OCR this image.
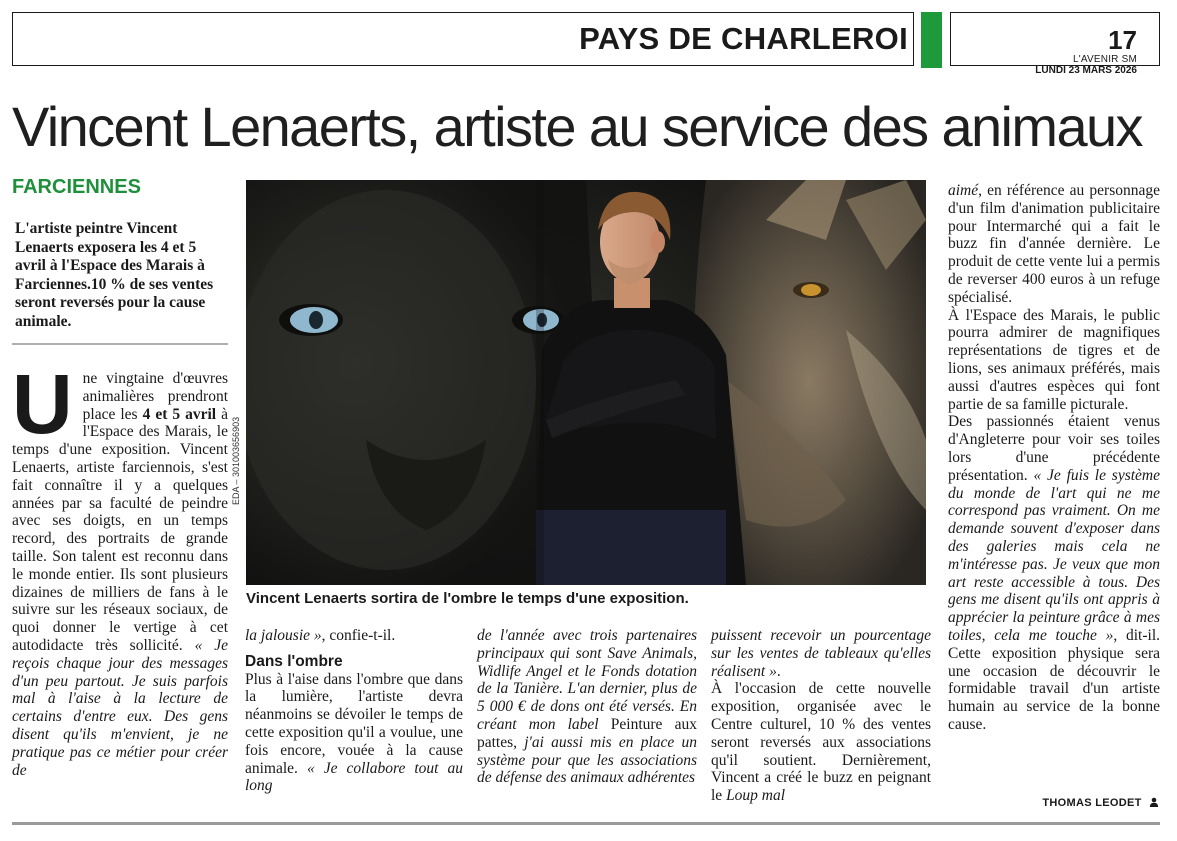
PAYS DE CHARLEROI	17
L'AVENIR SM
LUNDI 23 MARS 2026
Vincent Lenaerts, artiste au service des animaux
FARCIENNES
L'artiste peintre Vincent Lenaerts exposera les 4 et 5 avril à l'Espace des Marais à Farciennes.10 % de ses ventes seront reversés pour la cause animale.

Une vingtaine d'œuvres animalières prendront place les 4 et 5 avril à l'Espace des Marais, le temps d'une exposition. Vincent Lenaerts, artiste farciennois, s'est fait connaître il y a quelques années par sa faculté de peindre avec ses doigts, en un temps record, des portraits de grande taille. Son talent est reconnu dans le monde entier. Ils sont plusieurs dizaines de milliers de fans à le suivre sur les réseaux sociaux, de quoi donner le vertige à cet autodidacte très sollicité. « Je reçois chaque jour des messages d'un peu partout. Je suis parfois mal à l'aise à la lecture de certains d'entre eux. Des gens disent qu'ils m'envient, je ne pratique pas ce métier pour créer de

EDA – 301003656903
Vincent Lenaerts sortira de l'ombre le temps d'une exposition.

la jalousie », confie-t-il.

Dans l'ombre

Plus à l'aise dans l'ombre que dans la lumière, l'artiste devra néanmoins se dévoiler le temps de cette exposition qu'il a voulue, une fois encore, vouée à la cause animale. « Je collabore tout au long

de l'année avec trois partenaires principaux qui sont Save Animals, Widlife Angel et le Fonds dotation de la Tanière. L'an dernier, plus de 5 000 € de dons ont été versés. En créant mon label Peinture aux pattes, j'ai aussi mis en place un système pour que les associations de défense des animaux adhérentes

puissent recevoir un pourcentage sur les ventes de tableaux qu'elles réalisent ».

À l'occasion de cette nouvelle exposition, organisée avec le Centre culturel, 10 % des ventes seront reversés aux associations qu'il soutient. Dernièrement, Vincent a créé le buzz en peignant le Loup mal

aimé, en référence au personnage d'un film d'animation publicitaire pour Intermarché qui a fait le buzz fin d'année dernière. Le produit de cette vente lui a permis de reverser 400 euros à un refuge spécialisé.

À l'Espace des Marais, le public pourra admirer de magnifiques représentations de tigres et de lions, ses animaux préférés, mais aussi d'autres espèces qui font partie de sa famille picturale.

Des passionnés étaient venus d'Angleterre pour voir ses toiles lors d'une précédente présentation. « Je fuis le système du monde de l'art qui ne me correspond pas vraiment. On me demande souvent d'exposer dans des galeries mais cela ne m'intéresse pas. Je veux que mon art reste accessible à tous. Des gens me disent qu'ils ont appris à apprécier la peinture grâce à mes toiles, cela me touche », dit-il. Cette exposition physique sera une occasion de découvrir le formidable travail d'un artiste humain au service de la bonne cause.

THOMAS LEODET
